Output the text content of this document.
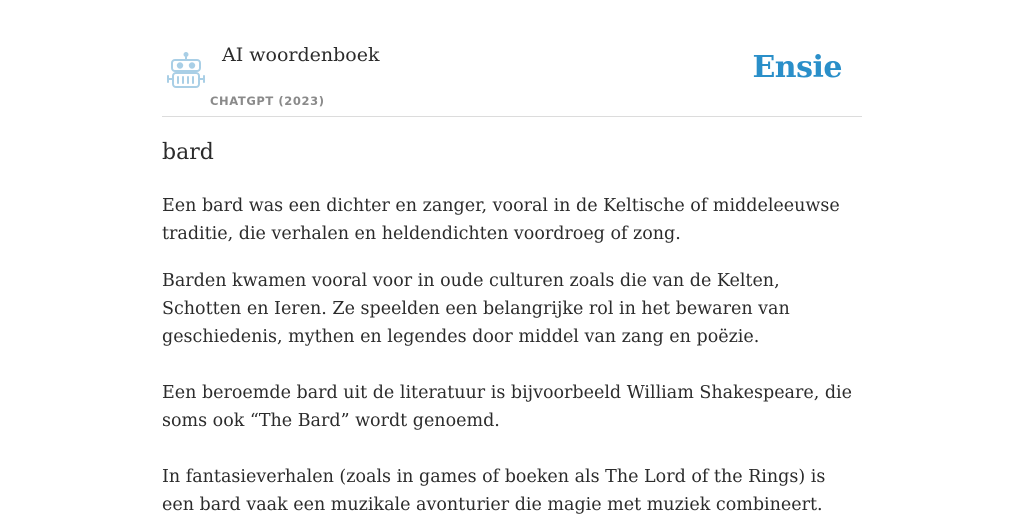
AI woordenboek
CHATGPT (2023)
Ensie
bard

Een bard was een dichter en zanger, vooral in de Keltische of middeleeuwse traditie, die verhalen en heldendichten voordroeg of zong.

Barden kwamen vooral voor in oude culturen zoals die van de Kelten, Schotten en Ieren. Ze speelden een belangrijke rol in het bewaren van geschiedenis, mythen en legendes door middel van zang en poëzie.

Een beroemde bard uit de literatuur is bijvoorbeeld William Shakespeare, die soms ook “The Bard” wordt genoemd.

In fantasieverhalen (zoals in games of boeken als The Lord of the Rings) is een bard vaak een muzikale avonturier die magie met muziek combineert.
